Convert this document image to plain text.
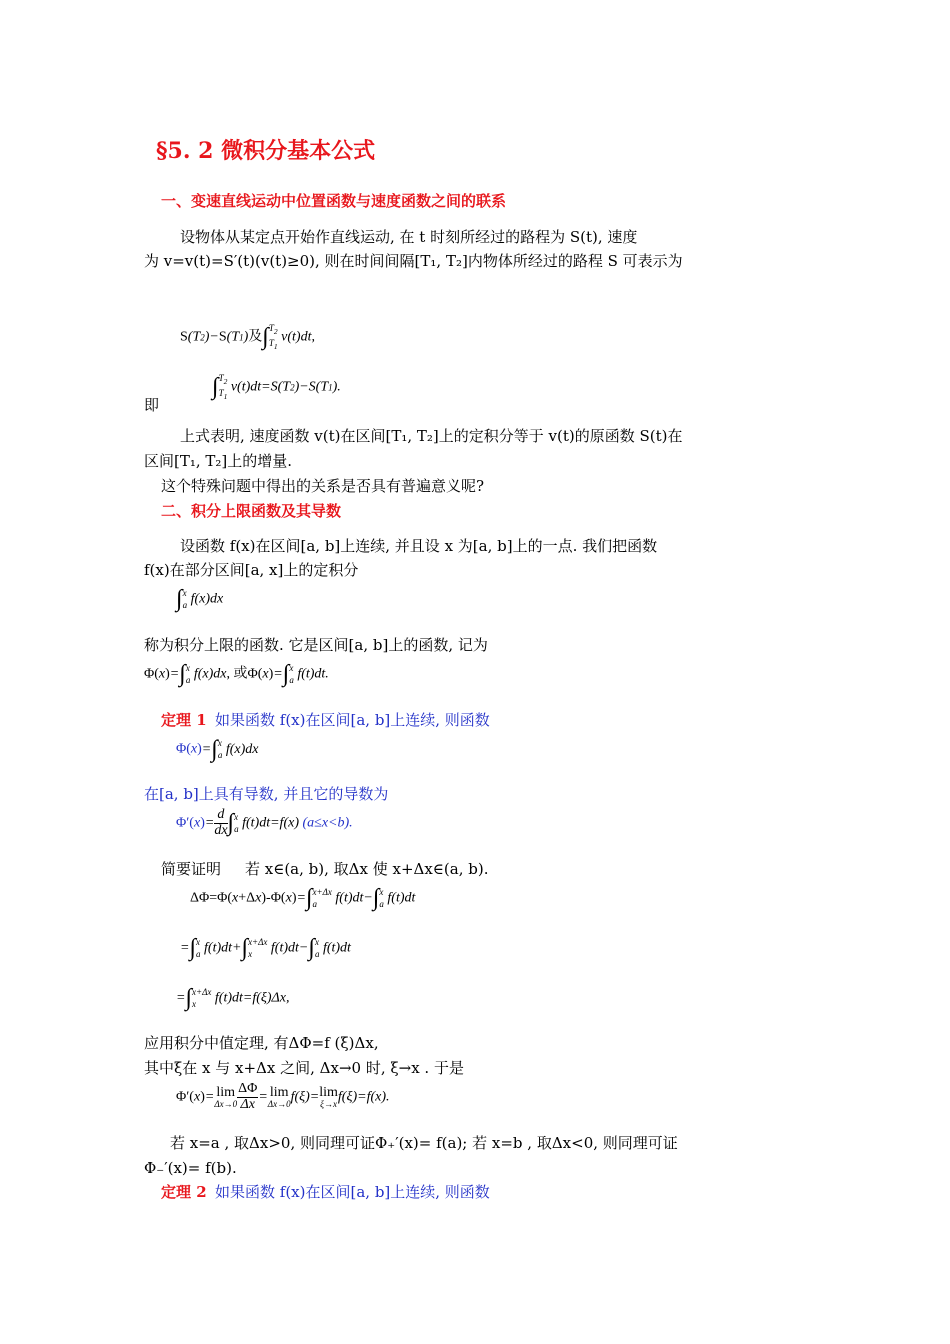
§5. 2 微积分基本公式
一、变速直线运动中位置函数与速度函数之间的联系
设物体从某定点开始作直线运动, 在 t 时刻所经过的路程为 S(t), 速度
为 v=v(t)=S′(t)(v(t)≥0), 则在时间间隔[T₁, T₂]内物体所经过的路程 S 可表示为
S(T2)−S(T1)及$\int T_2$
$T_1$ v(t)dt,
即
$\int T_2$
$T_1$ v(t)dt=S(T2)−S(T1).
上式表明, 速度函数 v(t)在区间[T₁, T₂]上的定积分等于 v(t)的原函数 S(t)在
区间[T₁, T₂]上的增量.
这个特殊问题中得出的关系是否具有普遍意义呢?
二、积分上限函数及其导数
设函数 f(x)在区间[a, b]上连续, 并且设 x 为[a, b]上的一点. 我们把函数
f(x)在部分区间[a, x]上的定积分
∫x
a f(x)dx
称为积分上限的函数. 它是区间[a, b]上的函数, 记为
Φ(x)=∫x
a f(x)dx, 或Φ(x)=∫x
a f(t)dt.
定理 1 如果函数 f(x)在区间[a, b]上连续, 则函数
Φ(x)=∫x
a f(x)dx
在[a, b]上具有导数, 并且它的导数为
$\Phi'(x)= \frac{d}{dx} \int x$
a f(t)dt=f(x) (a≤x<b).
简要证明 若 x∈(a, b), 取Δx 使 x+Δx∈(a, b).
ΔΦ=Φ(x+Δx)-Φ(x)=∫x+Δx
a f(t)dt−∫x
a f(t)dt
=∫x
a f(t)dt+∫x+Δx
x f(t)dt−∫x
a f(t)dt
=∫x+Δx
x f(t)dt=f(ξ)Δx,
应用积分中值定理, 有ΔΦ=f (ξ)Δx,
其中ξ在 x 与 x+Δx 之间, Δx→0 时, ξ→x . 于是
Φ′(x)= lim
$\Delta x\to 0 \frac{\Delta\Phi}{\Delta x} = \lim$
Δx→0 f(ξ)=lim
ξ→x f(ξ)=f(x).
若 x=a , 取Δx>0, 则同理可证Φ₊′(x)= f(a); 若 x=b , 取Δx<0, 则同理可证
Φ₋′(x)= f(b).
定理 2 如果函数 f(x)在区间[a, b]上连续, 则函数
